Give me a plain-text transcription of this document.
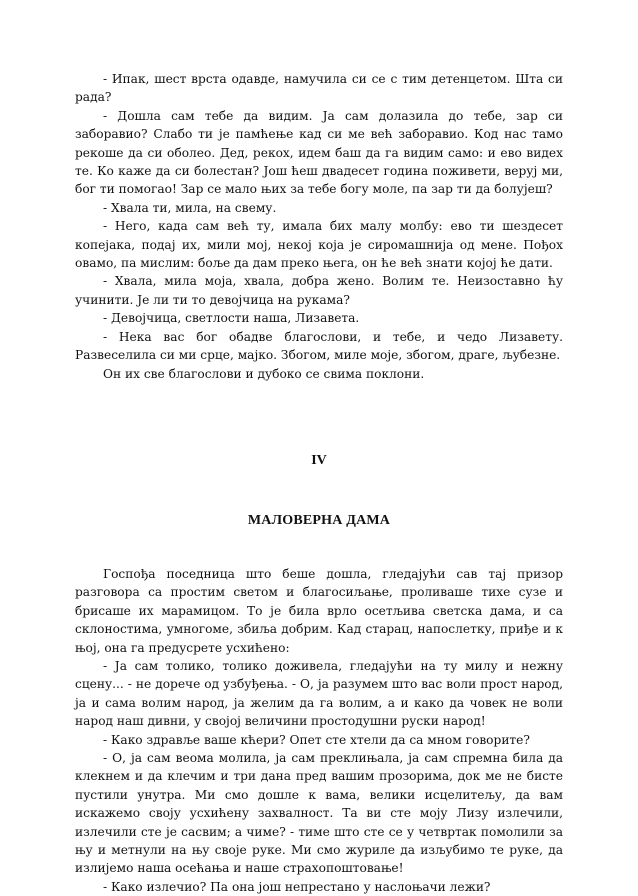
- Ипак, шест врста одавде, намучила си се с тим детенцетом. Шта си рада?

- Дошла сам тебе да видим. Ја сам долазила до тебе, зар си заборавио? Слабо ти је памћење кад си ме већ заборавио. Код нас тамо рекоше да си оболео. Дед, рекох, идем баш да га видим само: и ево видех те. Ко каже да си болестан? Још ћеш двадесет година поживети, веруј ми, бог ти помогао! Зар се мало њих за тебе богу моле, па зар ти да болујеш?

- Хвала ти, мила, на свему.

- Него, када сам већ ту, имала бих малу молбу: ево ти шездесет копејака, подај их, мили мој, некој која је сиромашнија од мене. Пођох овамо, па мислим: боље да дам преко њега, он ће већ знати којој ће дати.

- Хвала, мила моја, хвала, добра жено. Волим те. Неизоставно ћу учинити. Је ли ти то девојчица на рукама?

- Девојчица, светлости наша, Лизавета.

- Нека вас бог обадве благослови, и тебе, и чедо Лизавету. Развеселила си ми срце, мајко. Збогом, миле моје, збогом, драге, љубезне.

Он их све благослови и дубоко се свима поклони.

IV
МАЛОВЕРНА ДАМА

Госпођа поседница што беше дошла, гледајући сав тај призор разговора са простим светом и благосиљање, проливаше тихе сузе и брисаше их марамицом. То је била врло осетљива светска дама, и са склоностима, умногоме, збиља добрим. Кад старац, напослетку, приђе и к њој, она га предусрете усхићено:

- Ја сам толико, толико доживела, гледајући на ту милу и нежну сцену... - не дорече од узбуђења. - О, ја разумем што вас воли прост народ, ја и сама волим народ, ја желим да га волим, а и како да човек не воли народ наш дивни, у својој величини простодушни руски народ!

- Како здравље ваше кћери? Опет сте хтели да са мном говорите?

- О, ја сам веома молила, ја сам преклињала, ја сам спремна била да клекнем и да клечим и три дана пред вашим прозорима, док ме не бисте пустили унутра. Ми смо дошле к вама, велики исцелитељу, да вам искажемо своју усхићену захвалност. Та ви сте моју Лизу излечили, излечили сте је сасвим; а чиме? - тиме што сте се у четвртак помолили за њу и метнули на њу своје руке. Ми смо журиле да изљубимо те руке, да излијемо наша осећања и наше страхопоштовање!

- Како излечио? Па она још непрестано у наслоњачи лежи?
